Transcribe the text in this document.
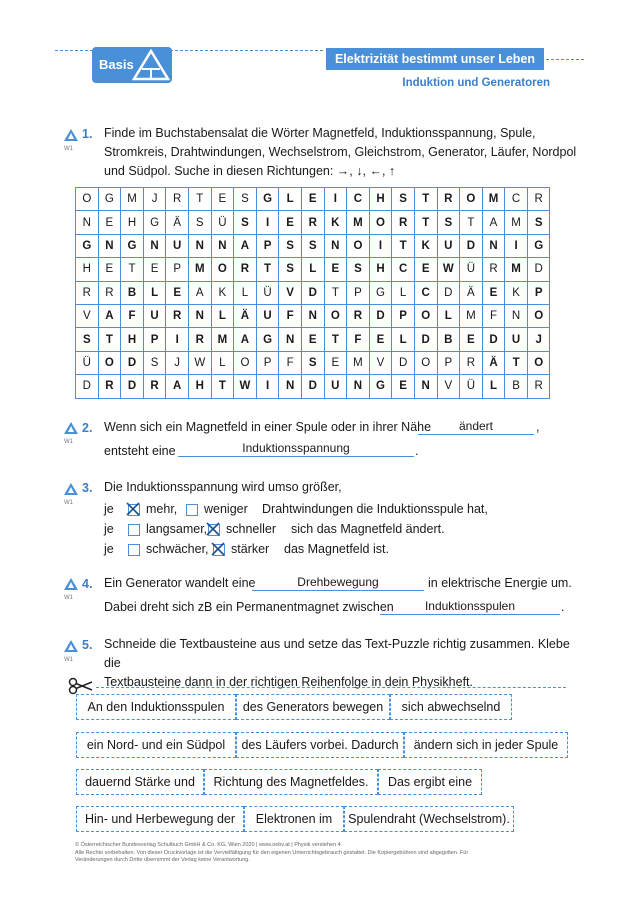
Basis	Elektrizität bestimmt unser Leben
Induktion und Generatoren
W1
1. Finde im Buchstabensalat die Wörter Magnetfeld, Induktionsspannung, Spule,
Stromkreis, Drahtwindungen, Wechselstrom, Gleichstrom, Generator, Läufer, Nordpol
und Südpol. Suche in diesen Richtungen: →, ↓, ←, ↑
O	G	M	J	R	T	E	S	G	L	E	I	C	H	S	T	R	O	M	C	R
N	E	H	G	Ä	S	Ü	S	I	E	R	K	M	O	R	T	S	T	A	M	S
G	N	G	N	U	N	N	A	P	S	S	N	O	I	T	K	U	D	N	I	G
H	E	T	E	P	M	O	R	T	S	L	E	S	H	C	E	W	Ü	R	M	D
R	R	B	L	E	A	K	L	Ü	V	D	T	P	G	L	C	D	Ä	E	K	P
V	A	F	U	R	N	L	Ä	U	F	N	O	R	D	P	O	L	M	F	N	O
S	T	H	P	I	R	M	A	G	N	E	T	F	E	L	D	B	E	D	U	J
Ü	O	D	S	J	W	L	O	P	F	S	E	M	V	D	O	P	R	Ä	T	O
D	R	D	R	A	H	T	W	I	N	D	U	N	G	E	N	V	Ü	L	B	R
W1
2. Wenn sich ein Magnetfeld in einer Spule oder in ihrer Nähe	ändert	,
entsteht eine	Induktionsspannung	.
W1
3. Die Induktionsspannung wird umso größer,
je	mehr, weniger Drahtwindungen die Induktionsspule hat,
je	langsamer, schneller sich das Magnetfeld ändert.
je	schwächer, stärker das Magnetfeld ist.
W1
4. Ein Generator wandelt eine	Drehbewegung	in elektrische Energie um.
Dabei dreht sich zB ein Permanentmagnet zwischen	Induktionsspulen	.
W1
5. Schneide die Textbausteine aus und setze das Text-Puzzle richtig zusammen. Klebe die
Textbausteine dann in der richtigen Reihenfolge in dein Physikheft.
An den Induktionsspulen	des Generators bewegen	sich abwechselnd
ein Nord- und ein Südpol	des Läufers vorbei. Dadurch	ändern sich in jeder Spule
dauernd Stärke und	Richtung des Magnetfeldes.	Das ergibt eine
Hin- und Herbewegung der	Elektronen im	Spulendraht (Wechselstrom).
© Österreichischer Bundesverlag Schulbuch GmbH & Co. KG, Wien 2020 | www.oebv.at | Physik verstehen 4
Alle Rechte vorbehalten. Von dieser Druckvorlage ist die Vervielfältigung für den eigenen Unterrichtsgebrauch gestattet. Die Kopiergebühren sind abgegolten. Für
Veränderungen durch Dritte übernimmt der Verlag keine Verantwortung.
